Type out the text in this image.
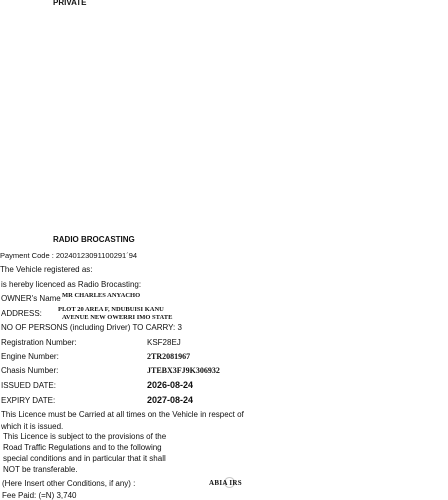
PRIVATE
RADIO BROCASTING
Payment Code : 20240123091100291´94
The Vehicle registered as:
is hereby licenced as Radio Brocasting:
OWNER's Name MR CHARLES ANYACHO
ADDRESS: PLOT 20 AREA F, NDUBUISI KANU
AVENUE NEW OWERRI IMO STATE
NO OF PERSONS (including Driver) TO CARRY: 3
Registration Number:	KSF28EJ
Engine Number:	2TR2081967
Chasis Number:	JTEBX3FJ9K306932
ISSUED DATE:	2026-08-24
EXPIRY DATE:	2027-08-24
This Licence must be Carried at all times on the Vehicle in respect of which it is issued.
This Licence is subject to the provisions of the Road Traffic Regulations and to the following special conditions and in particular that it shall NOT be transferable.
(Here Insert other Conditions, if any) :	ABIA IRS
Fee Paid: (=N) 3,740
